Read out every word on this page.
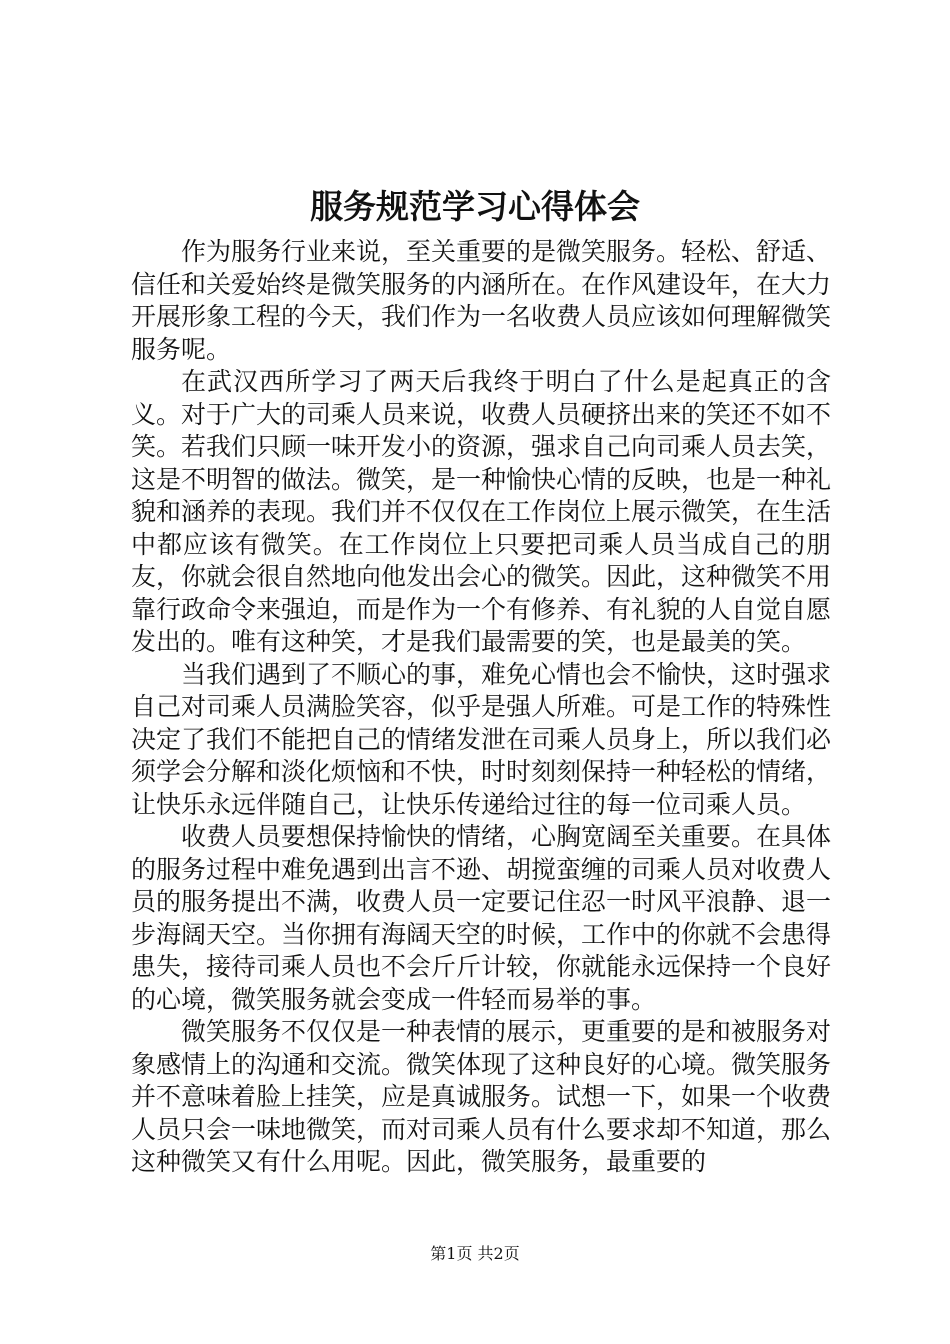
服务规范学习心得体会

作为服务行业来说，至关重要的是微笑服务。轻松、舒适、信任和关爱始终是微笑服务的内涵所在。在作风建设年，在大力开展形象工程的今天，我们作为一名收费人员应该如何理解微笑服务呢。

在武汉西所学习了两天后我终于明白了什么是起真正的含义。对于广大的司乘人员来说，收费人员硬挤出来的笑还不如不笑。若我们只顾一味开发小的资源，强求自己向司乘人员去笑，这是不明智的做法。微笑，是一种愉快心情的反映，也是一种礼貌和涵养的表现。我们并不仅仅在工作岗位上展示微笑，在生活中都应该有微笑。在工作岗位上只要把司乘人员当成自己的朋友，你就会很自然地向他发出会心的微笑。因此，这种微笑不用靠行政命令来强迫，而是作为一个有修养、有礼貌的人自觉自愿发出的。唯有这种笑，才是我们最需要的笑，也是最美的笑。

当我们遇到了不顺心的事，难免心情也会不愉快，这时强求自己对司乘人员满脸笑容，似乎是强人所难。可是工作的特殊性决定了我们不能把自己的情绪发泄在司乘人员身上，所以我们必须学会分解和淡化烦恼和不快，时时刻刻保持一种轻松的情绪，让快乐永远伴随自己，让快乐传递给过往的每一位司乘人员。

收费人员要想保持愉快的情绪，心胸宽阔至关重要。在具体的服务过程中难免遇到出言不逊、胡搅蛮缠的司乘人员对收费人员的服务提出不满，收费人员一定要记住忍一时风平浪静、退一步海阔天空。当你拥有海阔天空的时候，工作中的你就不会患得患失，接待司乘人员也不会斤斤计较，你就能永远保持一个良好的心境，微笑服务就会变成一件轻而易举的事。

微笑服务不仅仅是一种表情的展示，更重要的是和被服务对象感情上的沟通和交流。微笑体现了这种良好的心境。微笑服务并不意味着脸上挂笑，应是真诚服务。试想一下，如果一个收费人员只会一味地微笑，而对司乘人员有什么要求却不知道，那么这种微笑又有什么用呢。因此，微笑服务，最重要的

第1页 共2页
